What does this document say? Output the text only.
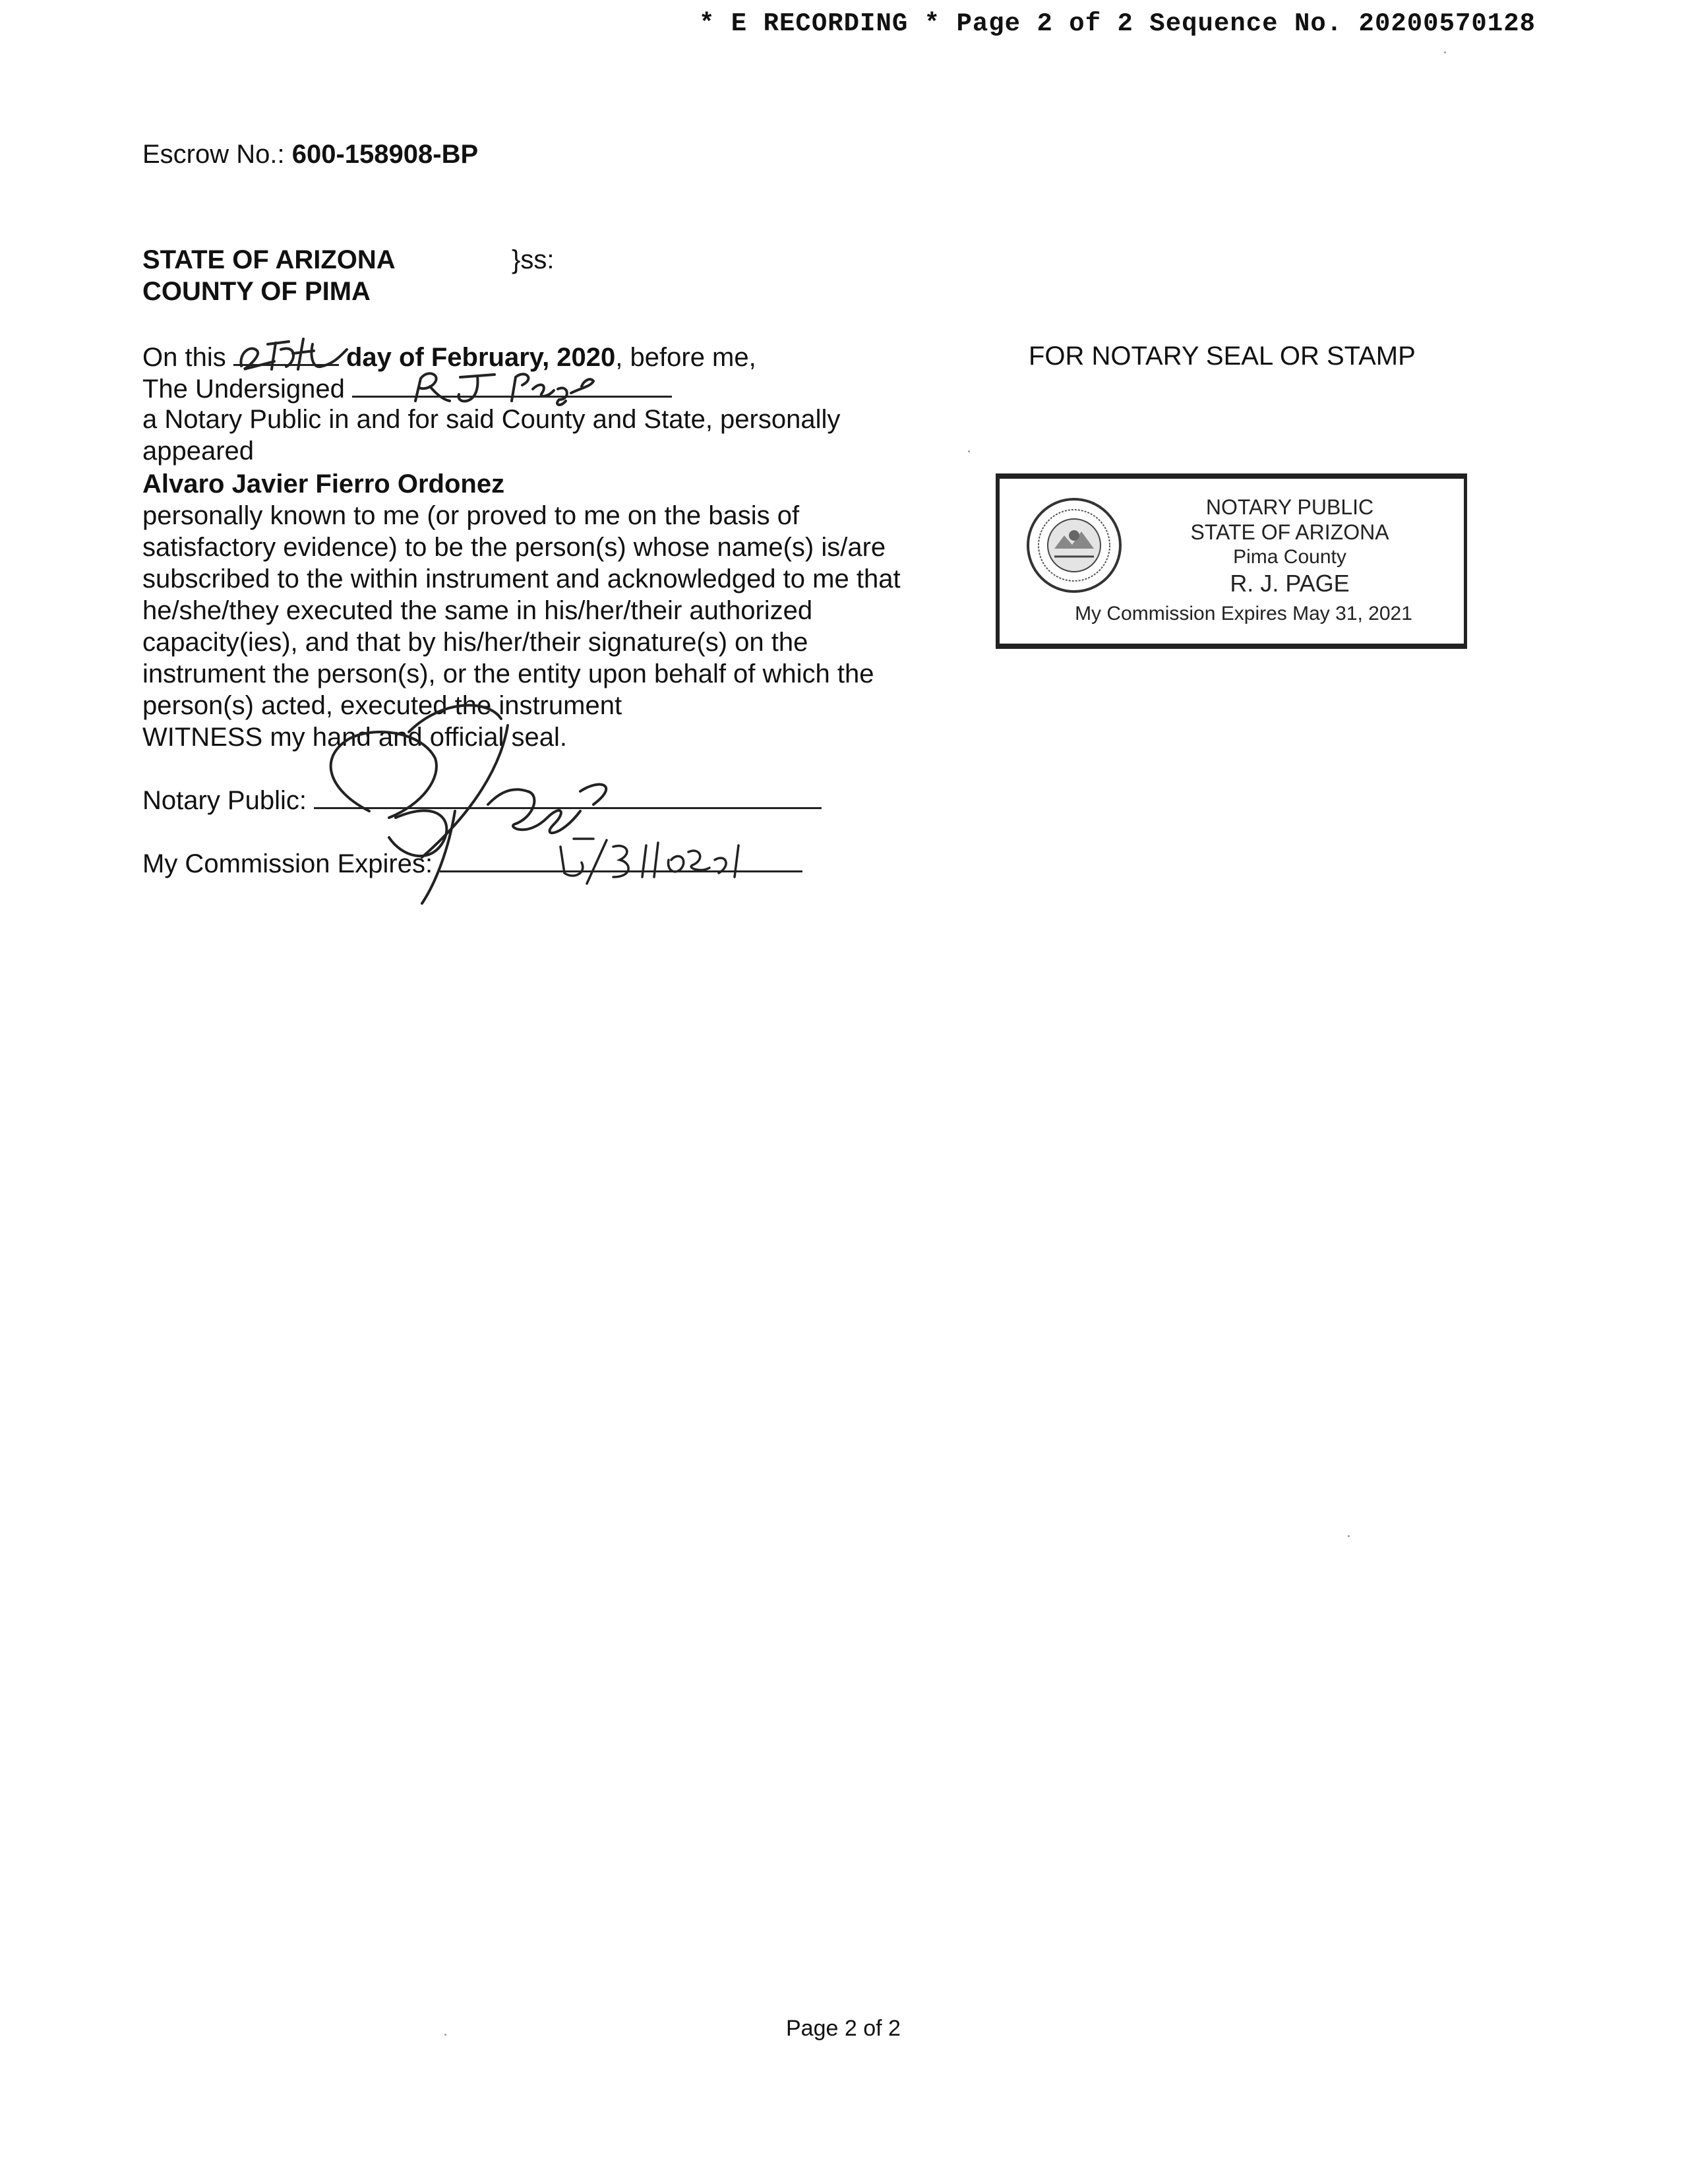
* E RECORDING * Page 2 of 2 Sequence No. 20200570128
Escrow No.: 600-158908-BP
STATE OF ARIZONA	}ss:
COUNTY OF PIMA
On this	day of February, 2020, before me,
The Undersigned
a Notary Public in and for said County and State, personally
appeared
Alvaro Javier Fierro Ordonez
personally known to me (or proved to me on the basis of
satisfactory evidence) to be the person(s) whose name(s) is/are
subscribed to the within instrument and acknowledged to me that
he/she/they executed the same in his/her/their authorized
capacity(ies), and that by his/her/their signature(s) on the
instrument the person(s), or the entity upon behalf of which the
person(s) acted, executed the instrument
WITNESS my hand and official seal.
Notary Public:
My Commission Expires:
FOR NOTARY SEAL OR STAMP
NOTARY PUBLIC
STATE OF ARIZONA
Pima County
R. J. PAGE
My Commission Expires May 31, 2021
Page 2 of 2
